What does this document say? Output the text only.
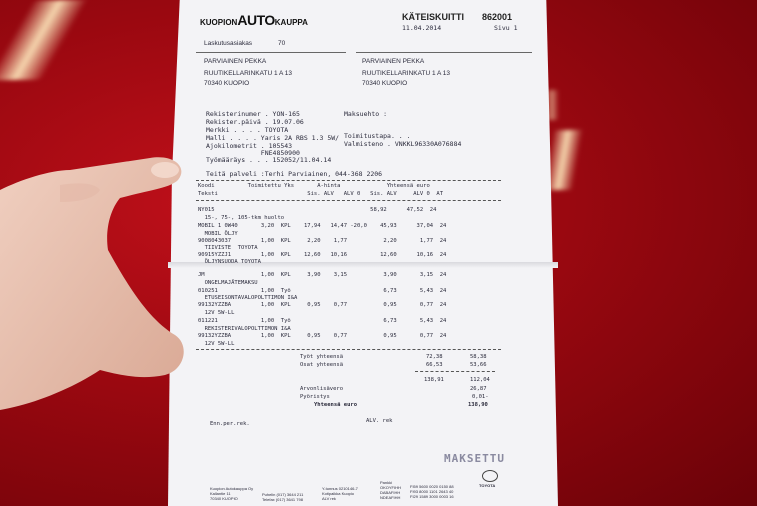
KUOPIONAUTOKAUPPA
KÄTEISKUITTI 862001
11.04.2014	Sivu 1
Laskutusasiakas	70
PARVIAINEN PEKKA
RUUTIKELLARINKATU 1 A 13
70340 KUOPIO
PARVIAINEN PEKKA
RUUTIKELLARINKATU 1 A 13
70340 KUOPIO
Rekisterinumer . YON-165
Rekister.päivä . 19.07.06
Merkki . . . . TOYOTA
Malli . . . . Yaris 2A RBS 1.3 5W/
Ajokilometrit . 105543
FNE4850900
Työmääräys . . . 152052/11.04.14
Maksuehto :
Toimitustapa. . .
Valmisteno . VNKKL96330A076884
Teitä palveli :Terhi Parviainen, 044-368 2206
Koodi          Toimitettu Yks       A-hinta              Yhteensä euro
Teksti                           Sis. ALV   ALV 0   Sis. ALV     ALV 0  AT
NY015                                               58,92      47,52  24
15-, 75-, 105-tkm huolto
MOBIL 1 0W40       3,20  KPL    17,94   14,47 -20,0    45,93      37,04  24
MOBIL ÖLJY
9008043037         1,00  KPL     2,20    1,77           2,20       1,77  24
TIIVISTE  TOYOTA
90915YZZJ1         1,00  KPL    12,60   10,16          12,60      10,16  24
ÖLJYNSUODA TOYOTA
JM                 1,00  KPL     3,90    3,15           3,90       3,15  24
ONGELMAJÄTEMAKSU
010251             1,00  Työ                            6,73       5,43  24
ETUSEISONTAVALOPOLTTIMON I&A
99132YZZBA         1,00  KPL     0,95    0,77           0,95       0,77  24
12V 5W-LL
011221             1,00  Työ                            6,73       5,43  24
REKISTERIVALOPOLTTIMON I&A
99132YZZBA         1,00  KPL     0,95    0,77           0,95       0,77  24
12V 5W-LL
Työt yhteensä	72,38	58,38
Osat yhteensä	66,53	53,66
138,91	112,04
Arvonlisävero	26,87
Pyöristys	0,01-
Yhteensä euro	138,90
Enn.per.rek.	ALV. rek
MAKSETTU
Kuopion Autokauppa Oy
Kallantie 11
70340 KUOPIO
Puhelin (017) 3644 211
Telefax (017) 3641 798
Y-tunnus 0210146-7
Kotipaikka Kuopio
ALV rek
Pankki
OKOYFIHH
DABAFIHH
NDEAFIHH
FI59 5600 0020 0150 88
FI93 8000 1101 2643 40
FI29 1589 3000 0003 16
TOYOTA
